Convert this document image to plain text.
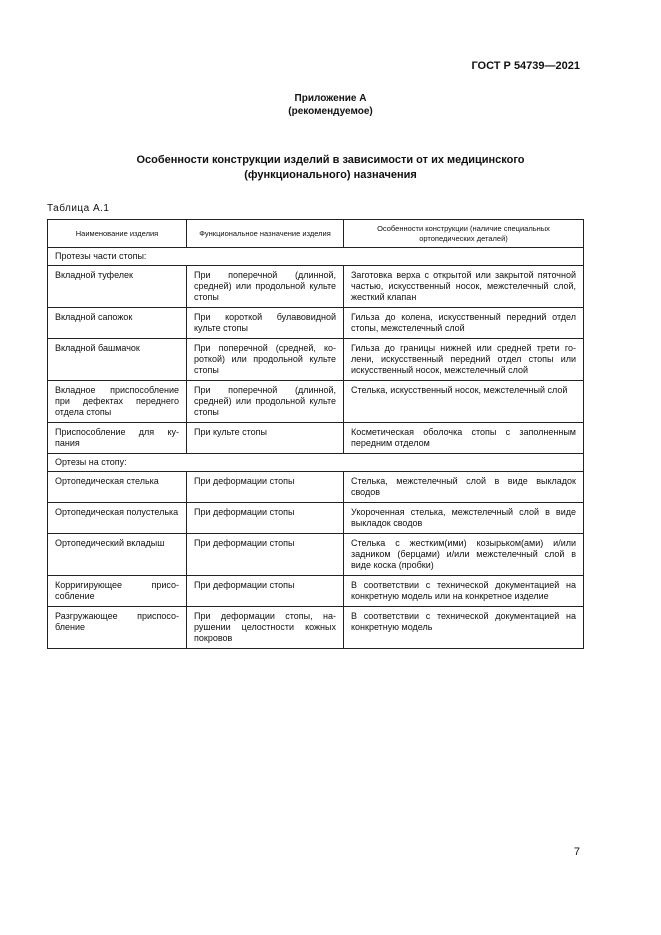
ГОСТ Р 54739—2021
Приложение А
(рекомендуемое)
Особенности конструкции изделий в зависимости от их медицинского
(функционального) назначения
Таблица А.1
Наименование изделия	Функциональное назначение изделия	Особенности конструкции (наличие специальных ортопедических деталей)
Протезы части стопы:		
Вкладной туфелек	При поперечной (длинной, средней) или продольной культе стопы	Заготовка верха с открытой или закрытой пяточной частью, искусственный носок, межстелечный слой, жесткий клапан
Вкладной сапожок	При короткой булавовидной культе стопы	Гильза до колена, искусственный передний отдел стопы, межстелечный слой
Вкладной башмачок	При поперечной (средней, короткой) или продольной культе стопы	Гильза до границы нижней или средней трети голени, искусственный передний отдел стопы или искусственный носок, межстелечный слой
Вкладное приспособление при дефектах переднего отдела стопы	При поперечной (длинной, средней) или продольной культе стопы	Стелька, искусственный носок, межстелечный слой
Приспособление для купания	При культе стопы	Косметическая оболочка стопы с заполненным передним отделом
Ортезы на стопу:		
Ортопедическая стелька	При деформации стопы	Стелька, межстелечный слой в виде выкладок сводов
Ортопедическая полустелька	При деформации стопы	Укороченная стелька, межстелечный слой в виде выкладок сводов
Ортопедический вкладыш	При деформации стопы	Стелька с жестким(ими) козырьком(ами) и/или задником (берцами) и/или межстелечный слой в виде коска (пробки)
Корригирующее присособление	При деформации стопы	В соответствии с технической документацией на конкретную модель или на конкретное изделие
Разгружающее приспособление	При деформации стопы, нарушении целостности кожных покровов	В соответствии с технической документацией на конкретную модель
7
